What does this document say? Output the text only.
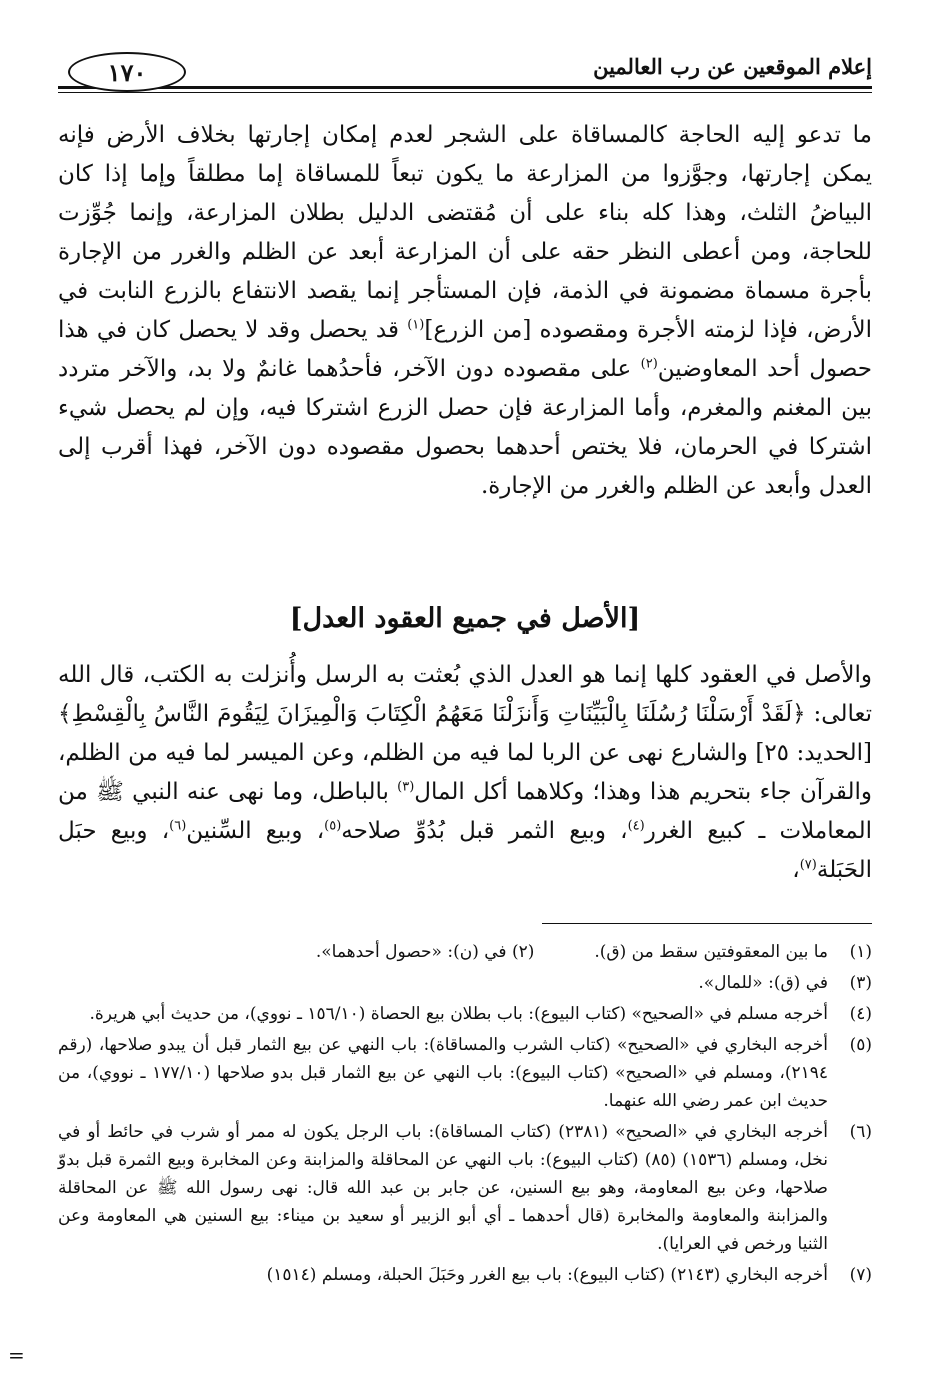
إعلام الموقعين عن رب العالمين
١٧٠

ما تدعو إليه الحاجة كالمساقاة على الشجر لعدم إمكان إجارتها بخلاف الأرض فإنه يمكن إجارتها، وجوَّزوا من المزارعة ما يكون تبعاً للمساقاة إما مطلقاً وإما إذا كان البياضُ الثلث، وهذا كله بناء على أن مُقتضى الدليل بطلان المزارعة، وإنما جُوِّزت للحاجة، ومن أعطى النظر حقه على أن المزارعة أبعد عن الظلم والغرر من الإجارة بأجرة مسماة مضمونة في الذمة، فإن المستأجر إنما يقصد الانتفاع بالزرع النابت في الأرض، فإذا لزمته الأجرة ومقصوده [من الزرع]$^{(١)}$ قد يحصل وقد لا يحصل كان في هذا حصول أحد المعاوضين$^{(٢)}$ على مقصوده دون الآخر، فأحدُهما غانمٌ ولا بد، والآخر متردد بين المغنم والمغرم، وأما المزارعة فإن حصل الزرع اشتركا فيه، وإن لم يحصل شيء اشتركا في الحرمان، فلا يختص أحدهما بحصول مقصوده دون الآخر، فهذا أقرب إلى العدل وأبعد عن الظلم والغرر من الإجارة.

[الأصل في جميع العقود العدل]

والأصل في العقود كلها إنما هو العدل الذي بُعثت به الرسل وأُنزلت به الكتب، قال الله تعالى: ﴿لَقَدْ أَرْسَلْنَا رُسُلَنَا بِالْبَيِّنَاتِ وَأَنزَلْنَا مَعَهُمُ الْكِتَابَ وَالْمِيزَانَ لِيَقُومَ النَّاسُ بِالْقِسْطِ﴾ [الحديد: ٢٥] والشارع نهى عن الربا لما فيه من الظلم، وعن الميسر لما فيه من الظلم، والقرآن جاء بتحريم هذا وهذا؛ وكلاهما أكل المال$^{(٣)}$ بالباطل، وما نهى عنه النبي ﷺ من المعاملات ـ كبيع الغرر$^{(٤)}$، وبيع الثمر قبل بُدُوِّ صلاحه$^{(٥)}$، وبيع السِّنين$^{(٦)}$، وبيع حبَل الحَبَلة$^{(٧)}$،

(١)
ما بين المعقوفتين سقط من (ق).(٢) في (ن): «حصول أحدهما».
(٣)
في (ق): «للمال».
(٤)
أخرجه مسلم في «الصحيح» (كتاب البيوع): باب بطلان بيع الحصاة (١٥٦/١٠ ـ نووي)، من حديث أبي هريرة.
(٥)
أخرجه البخاري في «الصحيح» (كتاب الشرب والمساقاة): باب النهي عن بيع الثمار قبل أن يبدو صلاحها، (رقم ٢١٩٤)، ومسلم في «الصحيح» (كتاب البيوع): باب النهي عن بيع الثمار قبل بدو صلاحها (١٧٧/١٠ ـ نووي)، من حديث ابن عمر رضي الله عنهما.
(٦)
أخرجه البخاري في «الصحيح» (٢٣٨١) (كتاب المساقاة): باب الرجل يكون له ممر أو شرب في حائط أو في نخل، ومسلم (١٥٣٦) (٨٥) (كتاب البيوع): باب النهي عن المحاقلة والمزابنة وعن المخابرة وبيع الثمرة قبل بدوّ صلاحها، وعن بيع المعاومة، وهو بيع السنين، عن جابر بن عبد الله قال: نهى رسول الله ﷺ عن المحاقلة والمزابنة والمعاومة والمخابرة (قال أحدهما ـ أي أبو الزبير أو سعيد بن ميناء: بيع السنين هي المعاومة وعن الثنيا ورخص في العرايا).
(٧)
أخرجه البخاري (٢١٤٣) (كتاب البيوع): باب بيع الغرر وحَبَلَ الحبلة، ومسلم (١٥١٤)
=
